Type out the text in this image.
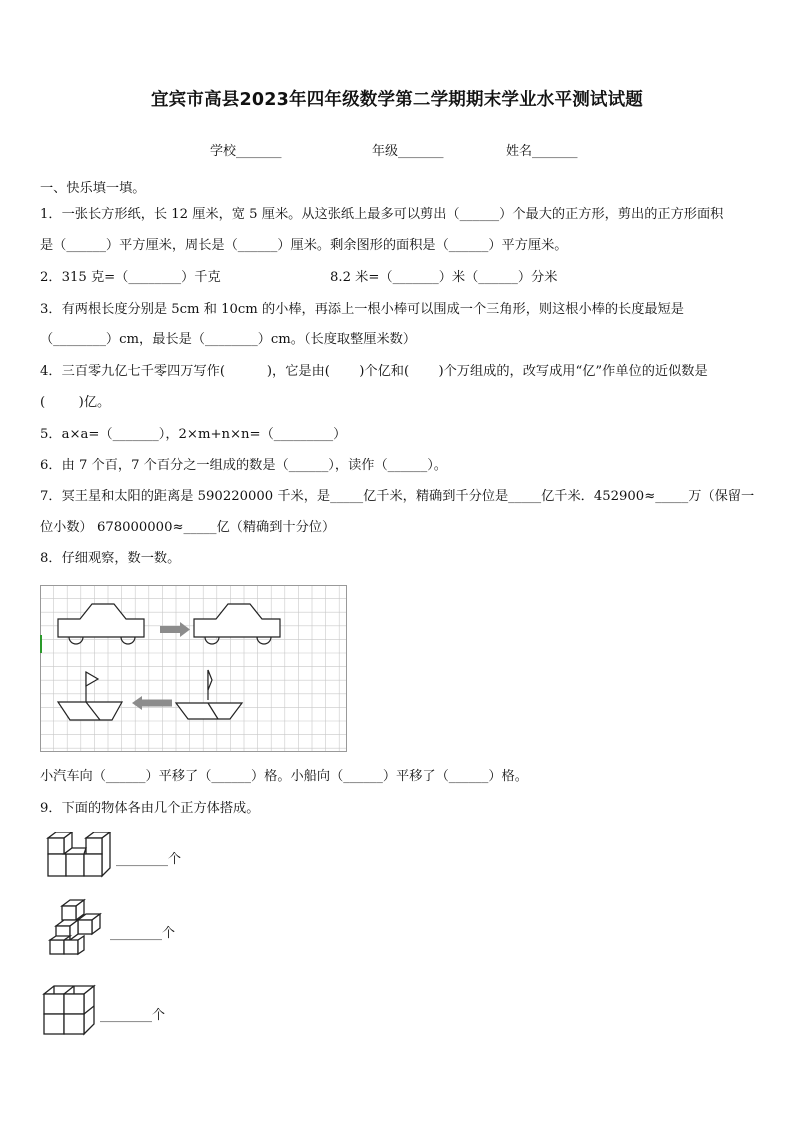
宜宾市高县2023年四年级数学第二学期期末学业水平测试试题
学校_______	年级_______	姓名_______
一、快乐填一填。
1．一张长方形纸，长 12 厘米，宽 5 厘米。从这张纸上最多可以剪出（______）个最大的正方形，剪出的正方形面积
是（______）平方厘米，周长是（______）厘米。剩余图形的面积是（______）平方厘米。
2．315 克=（________）千克	8.2 米=（_______）米（______）分米
3．有两根长度分别是 5cm 和 10cm 的小棒，再添上一根小棒可以围成一个三角形，则这根小棒的长度最短是
（________）cm，最长是（________）cm。（长度取整厘米数）
4．三百零九亿七千零四万写作(          )，它是由(       )个亿和(       )个万组成的，改写成用“亿”作单位的近似数是
(        )亿。
5．a×a=（_______），2×m+n×n=（_________）
6．由 7 个百，7 个百分之一组成的数是（______），读作（______）。
7．冥王星和太阳的距离是 590220000 千米，是_____亿千米，精确到千分位是_____亿千米．452900≈_____万（保留一
位小数） 678000000≈_____亿（精确到十分位）
8．仔细观察，数一数。
小汽车向（______）平移了（______）格。小船向（______）平移了（______）格。
9．下面的物体各由几个正方体搭成。
________个
________个
________个
